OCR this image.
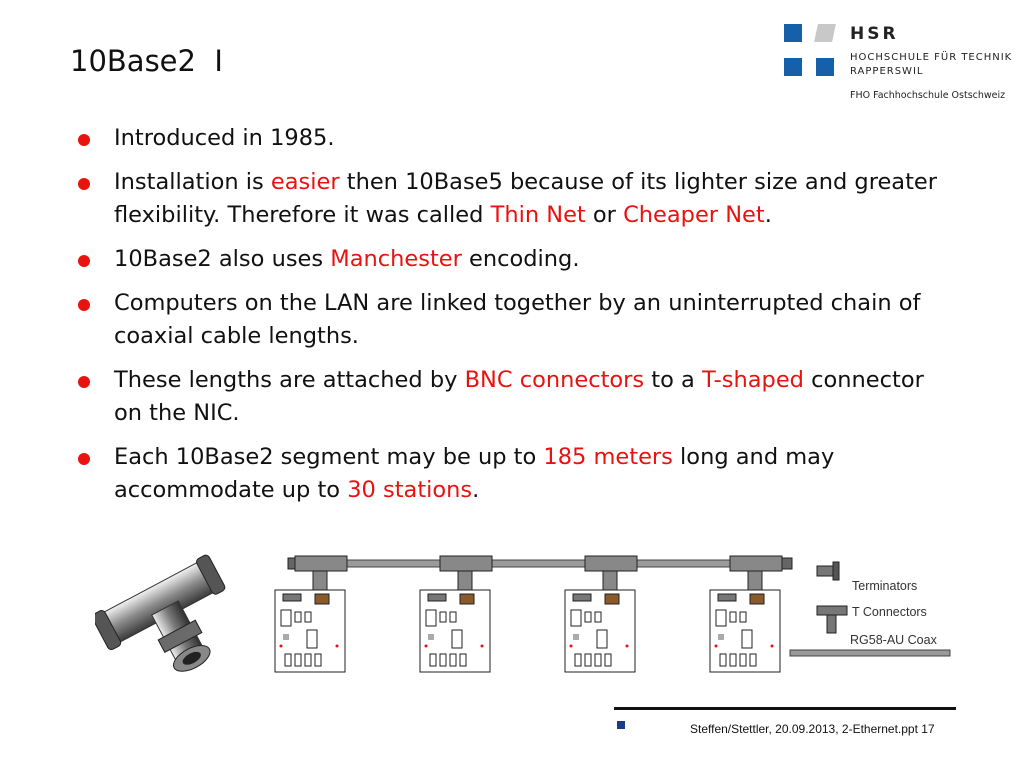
10Base2  I
HSR
HOCHSCHULE FÜR TECHNIK
RAPPERSWIL
FHO Fachhochschule Ostschweiz
Introduced in 1985.
Installation is easier then 10Base5 because of its lighter size and greater flexibility. Therefore it was called Thin Net or Cheaper Net.
10Base2 also uses Manchester encoding.
Computers on the LAN are linked together by an uninterrupted chain of coaxial cable lengths.
These lengths are attached by BNC connectors to a T-shaped connector on the NIC.
Each 10Base2 segment may be up to 185 meters long and may accommodate up to 30 stations.
Terminators
T Connectors
RG58-AU Coax
Steffen/Stettler, 20.09.2013, 2-Ethernet.ppt 17
